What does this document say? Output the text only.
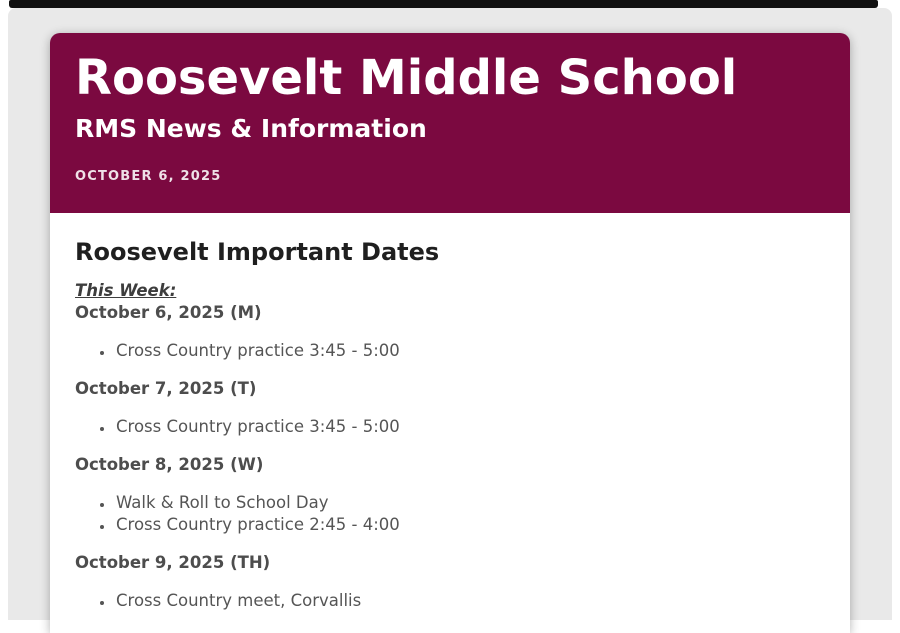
Roosevelt Middle School
RMS News & Information
OCTOBER 6, 2025
Roosevelt Important Dates

This Week:

October 6, 2025 (M)

• Cross Country practice 3:45 - 5:00

October 7, 2025 (T)

• Cross Country practice 3:45 - 5:00

October 8, 2025 (W)

• Walk & Roll to School Day
• Cross Country practice 2:45 - 4:00

October 9, 2025 (TH)

• Cross Country meet, Corvallis
